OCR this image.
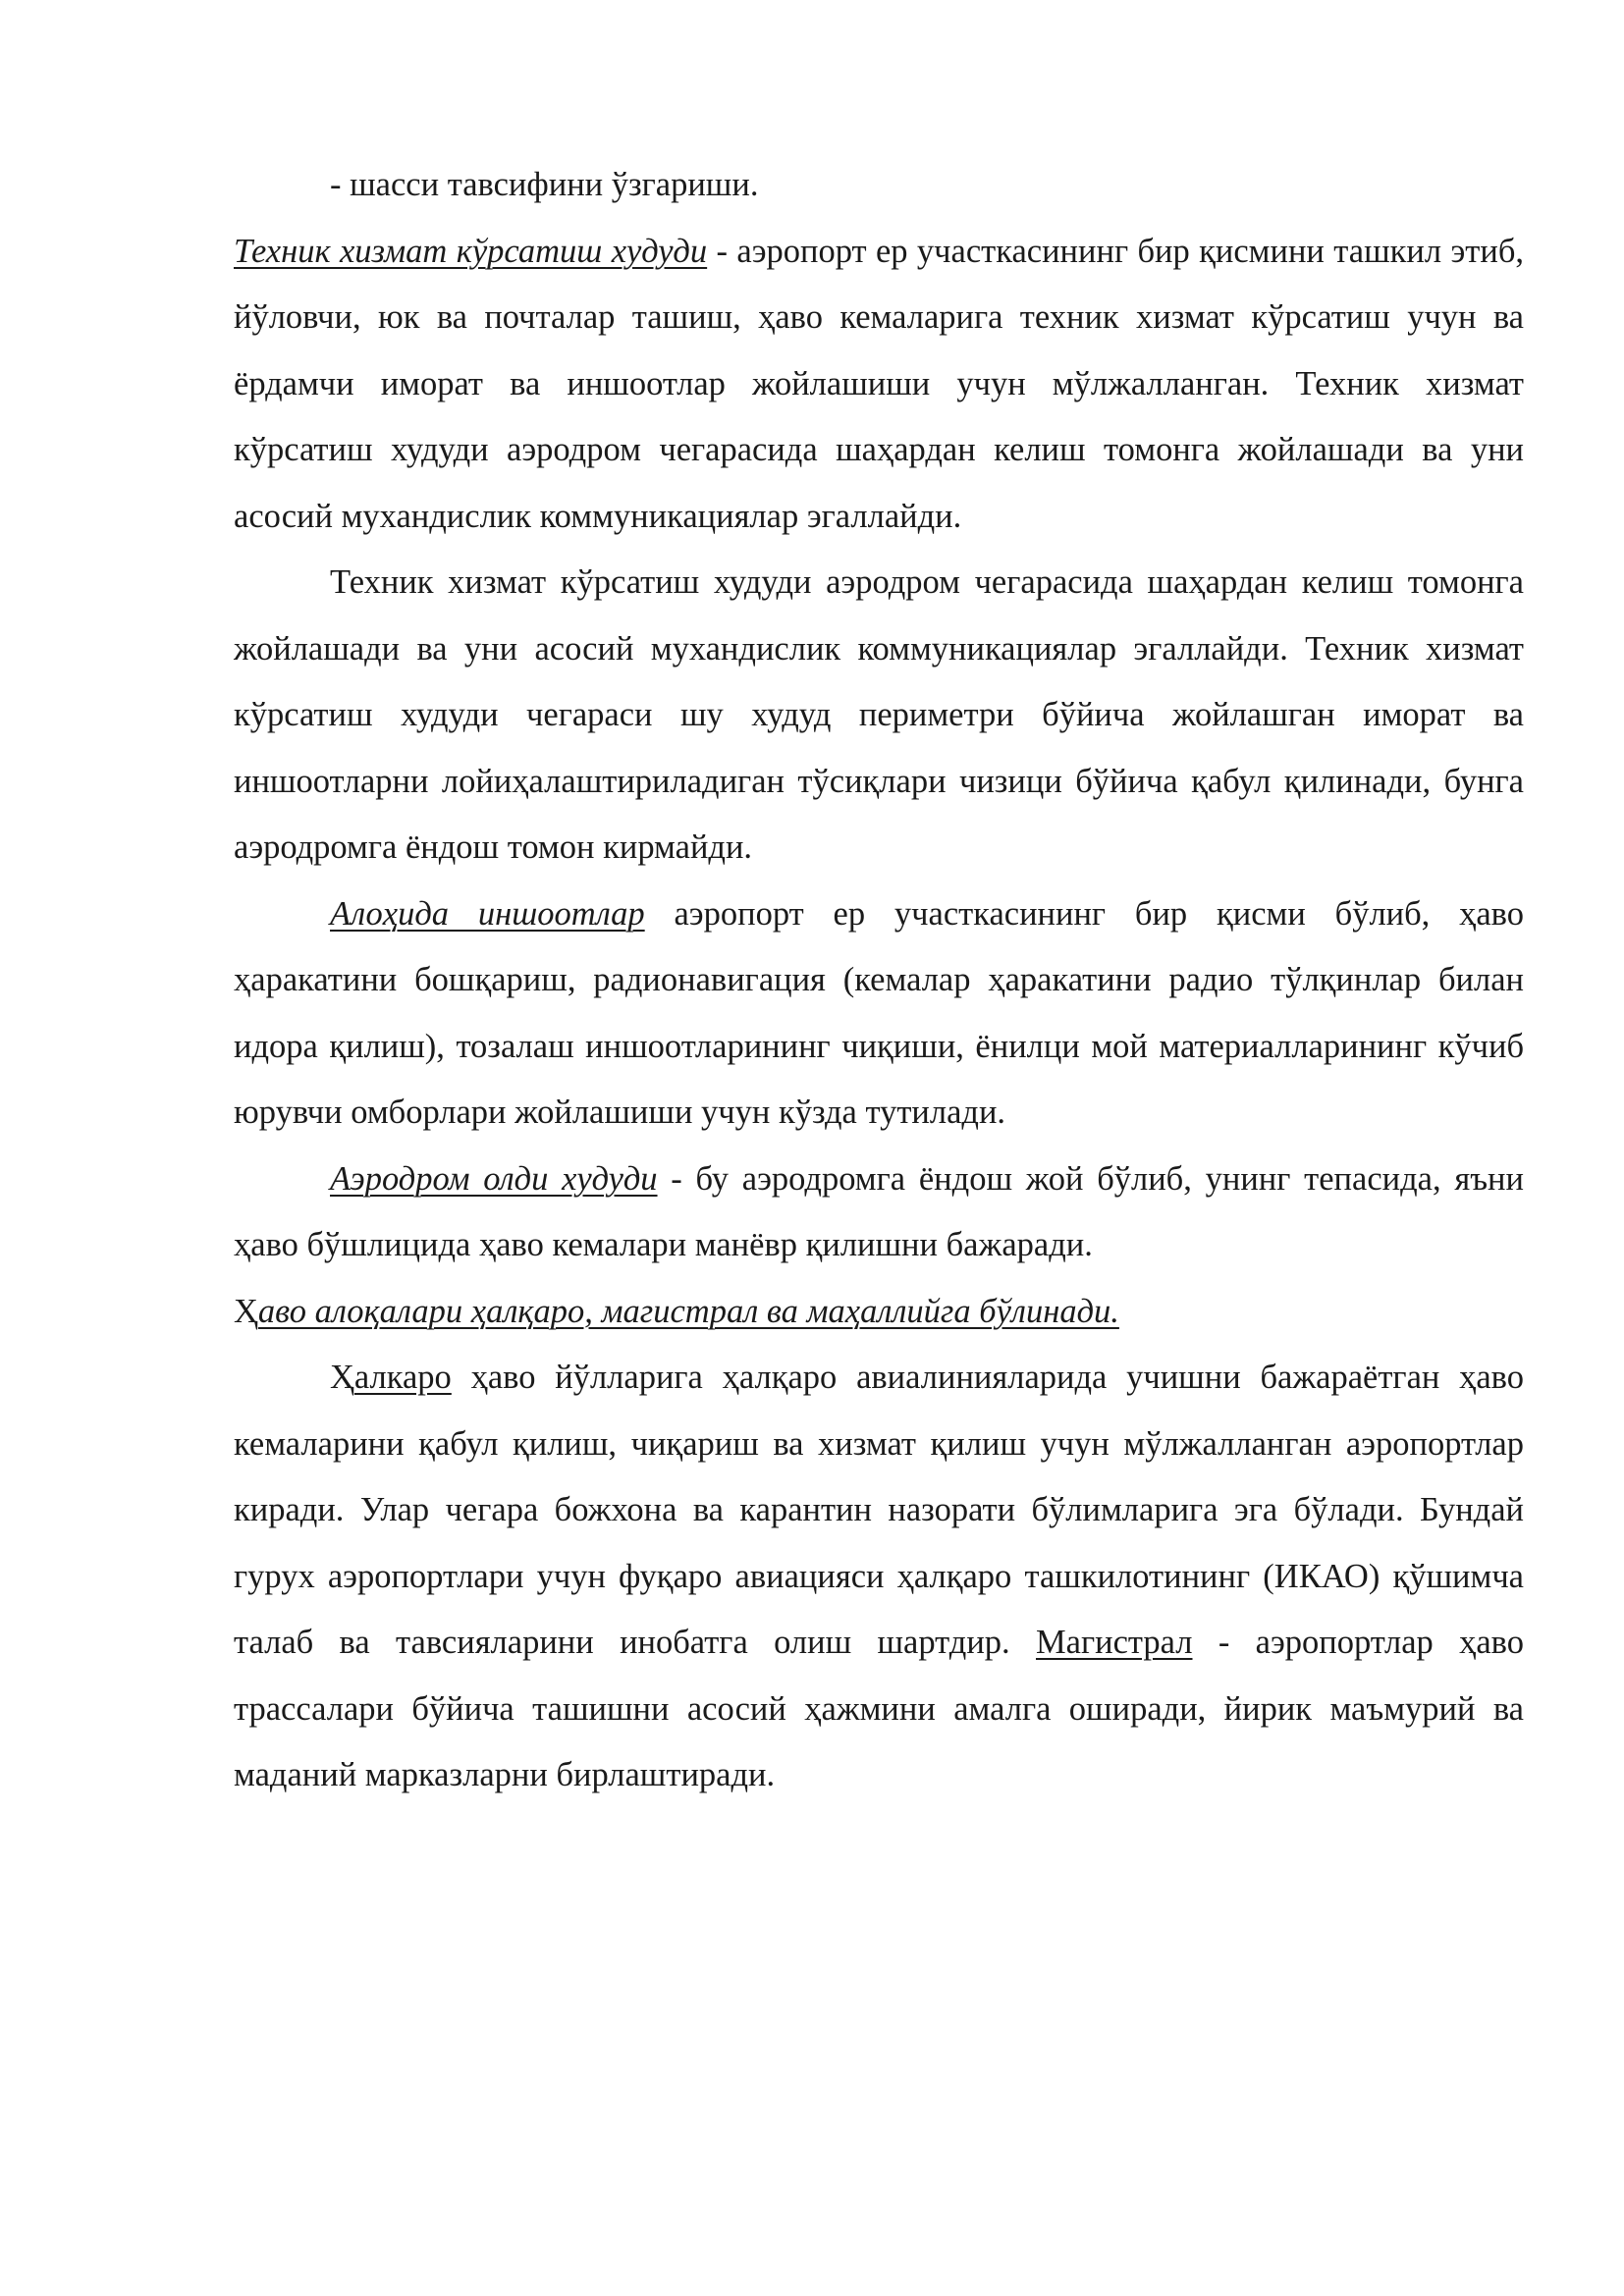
- шасси тавсифини ўзгариши.

Техник хизмат кўрсатиш худуди - аэропорт ер участкасининг бир қисмини ташкил этиб, йўловчи, юк ва почталар ташиш, ҳаво кемаларига техник хизмат кўрсатиш учун ва ёрдамчи иморат ва иншоотлар жойлашиши учун мўлжалланган. Техник хизмат кўрсатиш худуди аэродром чегарасида шаҳардан келиш томонга жойлашади ва уни асосий мухандислик коммуникациялар эгаллайди.

Техник хизмат кўрсатиш худуди аэродром чегарасида шаҳардан келиш томонга жойлашади ва уни асосий мухандислик коммуникациялар эгаллайди. Техник хизмат кўрсатиш худуди чегараси шу худуд периметри бўйича жойлашган иморат ва иншоотларни лойиҳалаштириладиган тўсиқлари чизици бўйича қабул қилинади, бунга аэродромга ёндош томон кирмайди.

Алоҳида иншоотлар аэропорт ер участкасининг бир қисми бўлиб, ҳаво ҳаракатини бошқариш, радионавигация (кемалар ҳаракатини радио тўлқинлар билан идора қилиш), тозалаш иншоотларининг чиқиши, ёнилци мой материалларининг кўчиб юрувчи омборлари жойлашиши учун кўзда тутилади.

Аэродром олди худуди - бу аэродромга ёндош жой бўлиб, унинг тепасида, яъни ҳаво бўшлицида ҳаво кемалари манёвр қилишни бажаради.

Ҳаво алоқалари ҳалқаро, магистрал ва маҳаллийга бўлинади.

Ҳалкаро ҳаво йўлларига ҳалқаро авиалинияларида учишни бажараётган ҳаво кемаларини қабул қилиш, чиқариш ва хизмат қилиш учун мўлжалланган аэропортлар киради. Улар чегара божхона ва карантин назорати бўлимларига эга бўлади. Бундай гурух аэропортлари учун фуқаро авиацияси ҳалқаро ташкилотининг (ИКАО) қўшимча талаб ва тавсияларини инобатга олиш шартдир. Магистрал - аэропортлар ҳаво трассалари бўйича ташишни асосий ҳажмини амалга оширади, йирик маъмурий ва маданий марказларни бирлаштиради.
